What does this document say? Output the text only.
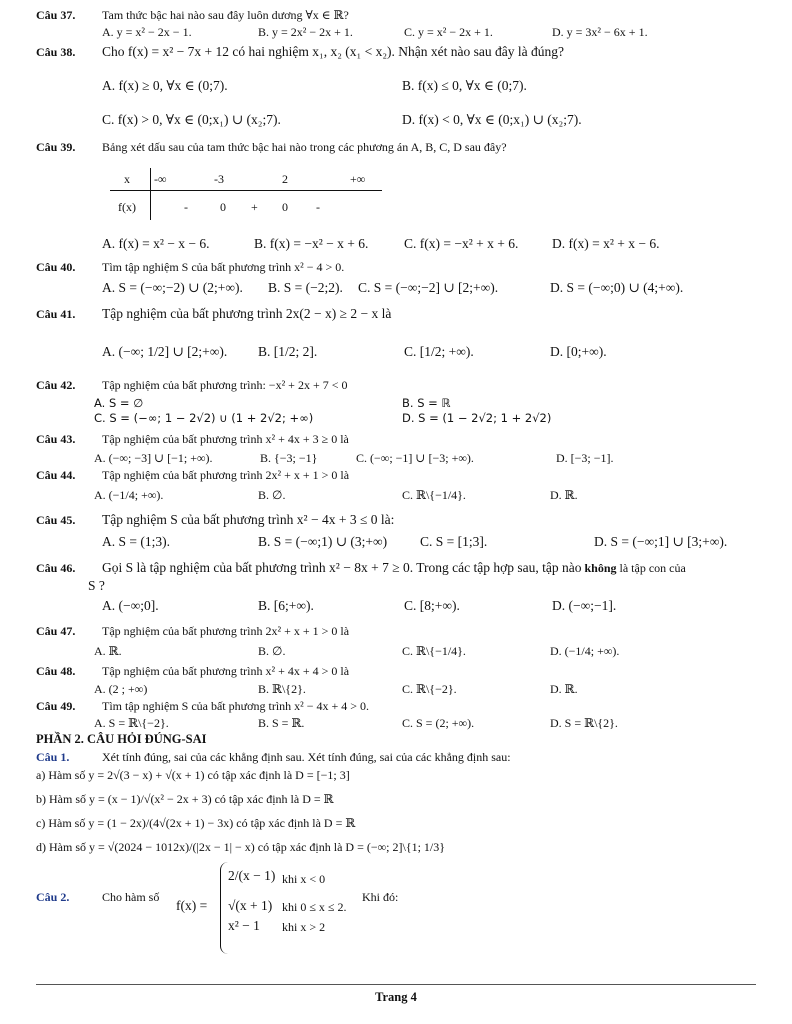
Câu 37. Tam thức bậc hai nào sau đây luôn dương ∀x ∈ ℝ?
A. y = x² − 2x − 1.	B. y = 2x² − 2x + 1.	C. y = x² − 2x + 1.	D. y = 3x² − 6x + 1.
Câu 38. Cho f(x) = x² − 7x + 12 có hai nghiệm x₁, x₂ (x₁ < x₂). Nhận xét nào sau đây là đúng?
A. f(x) ≥ 0, ∀x ∈ (0;7).	B. f(x) ≤ 0, ∀x ∈ (0;7).
C. f(x) > 0, ∀x ∈ (0;x₁) ∪ (x₂;7).	D. f(x) < 0, ∀x ∈ (0;x₁) ∪ (x₂;7).
Câu 39. Bảng xét dấu sau của tam thức bậc hai nào trong các phương án A, B, C, D sau đây?
x
f(x)
-∞	-3	2	+∞
-	0 + 0 -
A. f(x) = x² − x − 6.	B. f(x) = −x² − x + 6.	C. f(x) = −x² + x + 6. D. f(x) = x² + x − 6.
Câu 40. Tìm tập nghiệm S của bất phương trình x² − 4 > 0.
A. S = (−∞;−2) ∪ (2;+∞). B. S = (−2;2). C. S = (−∞;−2] ∪ [2;+∞).	D. S = (−∞;0) ∪ (4;+∞).
Câu 41. Tập nghiệm của bất phương trình 2x(2 − x) ≥ 2 − x là
A. (−∞; 1/2] ∪ [2;+∞). B. [1/2; 2].	C. [1/2; +∞).	D. [0;+∞).
Câu 42. Tập nghiệm của bất phương trình: −x² + 2x + 7 < 0
A. S = ∅	B. S = ℝ
C. S = (−∞; 1 − 2√2) ∪ (1 + 2√2; +∞)	D. S = (1 − 2√2; 1 + 2√2)
Câu 43. Tập nghiệm của bất phương trình x² + 4x + 3 ≥ 0 là
A. (−∞; −3] ∪ [−1; +∞).	B. {−3; −1}	C. (−∞; −1] ∪ [−3; +∞).	D. [−3; −1].
Câu 44. Tập nghiệm của bất phương trình 2x² + x + 1 > 0 là
A. (−1/4; +∞).	B. ∅.	C. ℝ\{−1/4}.	D. ℝ.
Câu 45. Tập nghiệm S của bất phương trình x² − 4x + 3 ≤ 0 là:
A. S = (1;3).	B. S = (−∞;1) ∪ (3;+∞) C. S = [1;3].	D. S = (−∞;1] ∪ [3;+∞).
Câu 46. Gọi S là tập nghiệm của bất phương trình x² − 8x + 7 ≥ 0. Trong các tập hợp sau, tập nào không là tập con của
S ?
A. (−∞;0].	B. [6;+∞).	C. [8;+∞).	D. (−∞;−1].
Câu 47. Tập nghiệm của bất phương trình 2x² + x + 1 > 0 là
A. ℝ.	B. ∅.	C. ℝ\{−1/4}.	D. (−1/4; +∞).
Câu 48. Tập nghiệm của bất phương trình x² + 4x + 4 > 0 là
A. (2 ; +∞)	B. ℝ\{2}.	C. ℝ\{−2}.	D. ℝ.
Câu 49. Tìm tập nghiệm S của bất phương trình x² − 4x + 4 > 0.
A. S = ℝ\{−2}.	B. S = ℝ.	C. S = (2; +∞).	D. S = ℝ\{2}.
PHẦN 2. CÂU HỎI ĐÚNG-SAI
Câu 1.	Xét tính đúng, sai của các khẳng định sau. Xét tính đúng, sai của các khẳng định sau:
a) Hàm số y = 2√(3 − x) + √(x + 1) có tập xác định là D = [−1; 3]
b) Hàm số y = (x − 1)/√(x² − 2x + 3) có tập xác định là D = ℝ
c) Hàm số y = (1 − 2x)/(4√(2x + 1) − 3x) có tập xác định là D = ℝ
d) Hàm số y = √(2024 − 1012x)/(|2x − 1| − x) có tập xác định là D = (−∞; 2]\{1; 1/3}
Câu 2.	Cho hàm số
f(x) =
2/(x − 1) khi x < 0
√(x + 1) khi 0 ≤ x ≤ 2.
x² − 1 khi x > 2
Khi đó:
Trang 4
